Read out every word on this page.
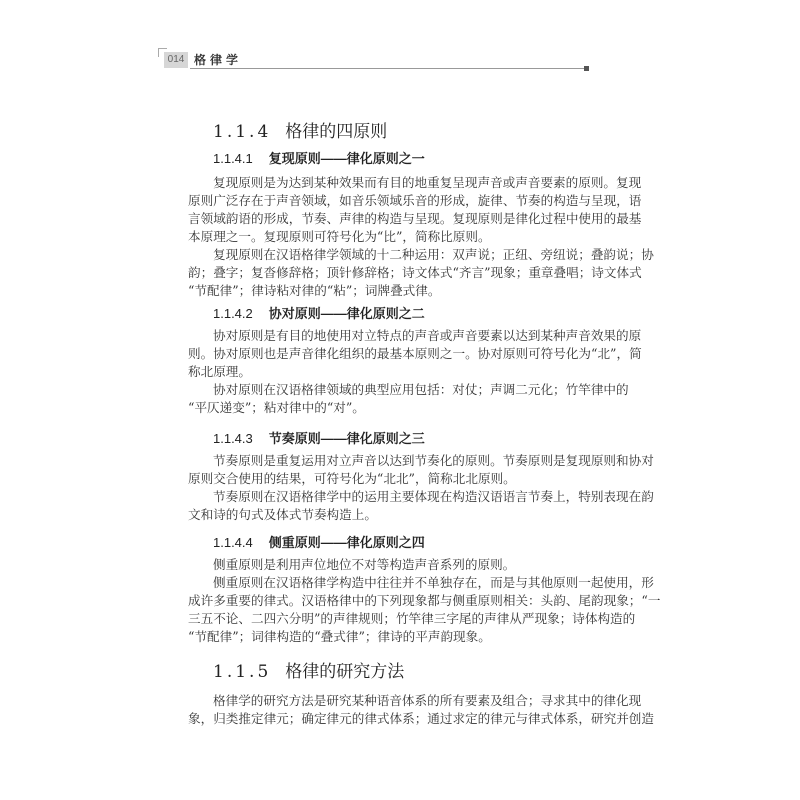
014 格律学
1.1.4 格律的四原则
1.1.4.1 复现原则——律化原则之一
复现原则是为达到某种效果而有目的地重复呈现声音或声音要素的原则。复现
原则广泛存在于声音领域，如音乐领域乐音的形成，旋律、节奏的构造与呈现，语
言领域韵语的形成，节奏、声律的构造与呈现。复现原则是律化过程中使用的最基
本原理之一。复现原则可符号化为“比”，简称比原则。
复现原则在汉语格律学领域的十二种运用：双声说；正纽、旁纽说；叠韵说；协
韵；叠字；复沓修辞格；顶针修辞格；诗文体式“齐言”现象；重章叠唱；诗文体式
“节配律”；律诗粘对律的“粘”；词牌叠式律。
1.1.4.2 协对原则——律化原则之二
协对原则是有目的地使用对立特点的声音或声音要素以达到某种声音效果的原
则。协对原则也是声音律化组织的最基本原则之一。协对原则可符号化为“北”，简
称北原理。
协对原则在汉语格律领域的典型应用包括：对仗；声调二元化；竹竿律中的
“平仄递变”；粘对律中的“对”。
1.1.4.3 节奏原则——律化原则之三
节奏原则是重复运用对立声音以达到节奏化的原则。节奏原则是复现原则和协对
原则交合使用的结果，可符号化为“北北”，简称北北原则。
节奏原则在汉语格律学中的运用主要体现在构造汉语语言节奏上，特别表现在韵
文和诗的句式及体式节奏构造上。
1.1.4.4 侧重原则——律化原则之四
侧重原则是利用声位地位不对等构造声音系列的原则。
侧重原则在汉语格律学构造中往往并不单独存在，而是与其他原则一起使用，形
成许多重要的律式。汉语格律中的下列现象都与侧重原则相关：头韵、尾韵现象；“一
三五不论、二四六分明”的声律规则；竹竿律三字尾的声律从严现象；诗体构造的
“节配律”；词律构造的“叠式律”；律诗的平声韵现象。
1.1.5 格律的研究方法
格律学的研究方法是研究某种语音体系的所有要素及组合；寻求其中的律化现
象，归类推定律元；确定律元的律式体系；通过求定的律元与律式体系，研究并创造
